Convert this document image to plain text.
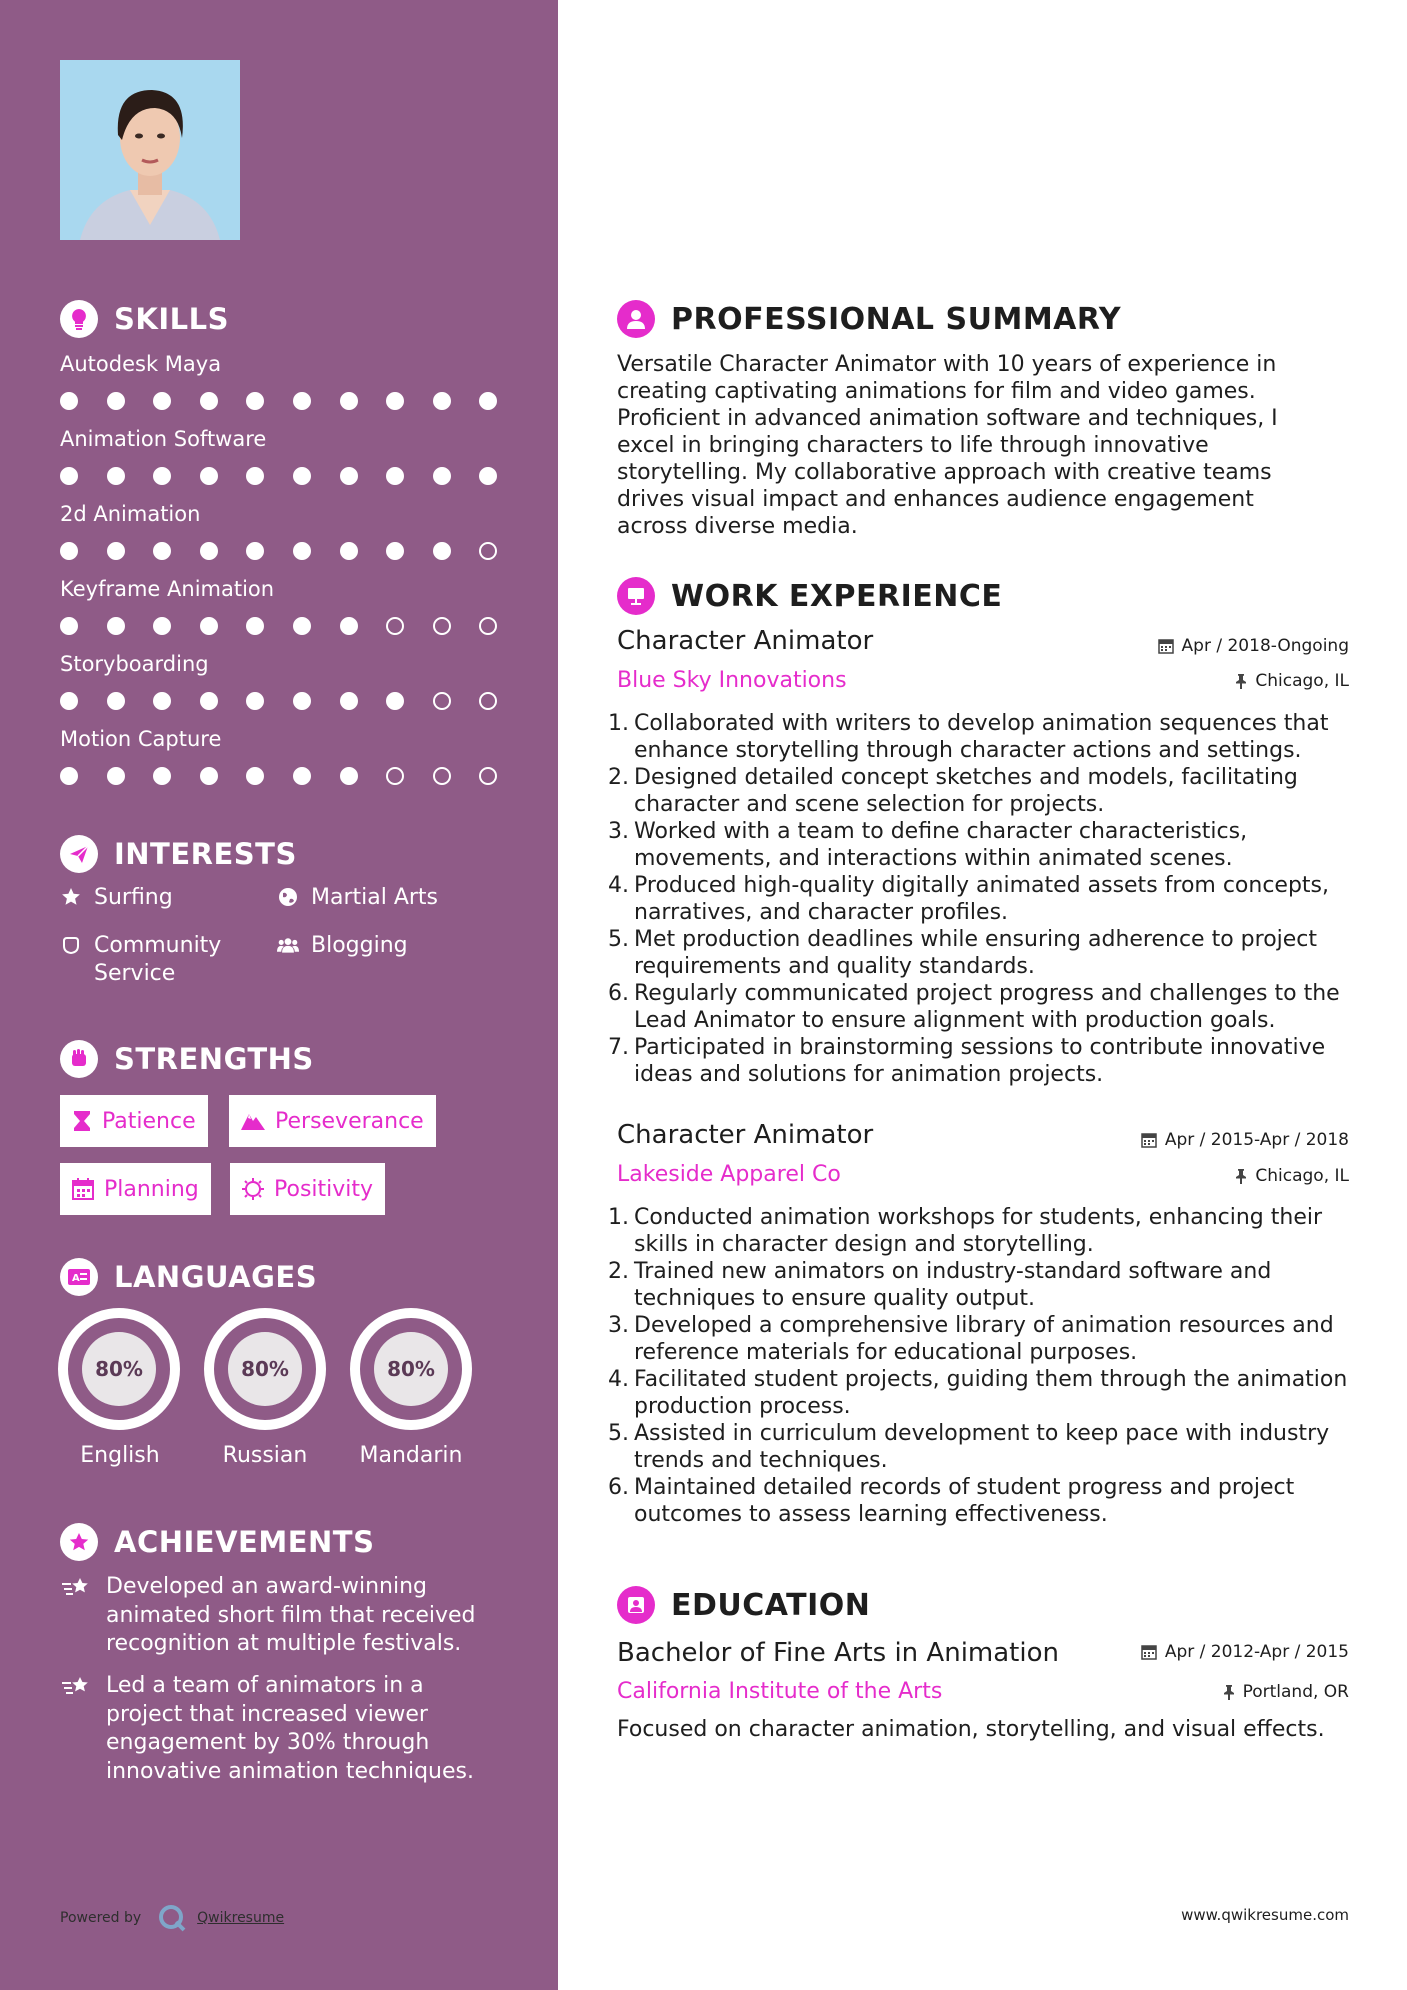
SKILLS
Autodesk Maya
Animation Software
2d Animation
Keyframe Animation
Storyboarding
Motion Capture
INTERESTS
Surfing	Martial Arts
Community Service
Blogging
STRENGTHS
Patience	Perseverance
Planning	Positivity
A LANGUAGES
80%	80%	80%
English	Russian	Mandarin
ACHIEVEMENTS
Developed an award-winning animated short film that received recognition at multiple festivals.
Led a team of animators in a project that increased viewer engagement by 30% through innovative animation techniques.
Powered by	Qwikresume
PROFESSIONAL SUMMARY
Versatile Character Animator with 10 years of experience in creating captivating animations for film and video games. Proficient in advanced animation software and techniques, I excel in bringing characters to life through innovative storytelling. My collaborative approach with creative teams drives visual impact and enhances audience engagement across diverse media.
WORK EXPERIENCE
Character Animator	Apr / 2018-Ongoing
Blue Sky Innovations	Chicago, IL
1. Collaborated with writers to develop animation sequences that enhance storytelling through character actions and settings.
2. Designed detailed concept sketches and models, facilitating character and scene selection for projects.
3. Worked with a team to define character characteristics, movements, and interactions within animated scenes.
4. Produced high-quality digitally animated assets from concepts, narratives, and character profiles.
5. Met production deadlines while ensuring adherence to project requirements and quality standards.
6. Regularly communicated project progress and challenges to the Lead Animator to ensure alignment with production goals.
7. Participated in brainstorming sessions to contribute innovative ideas and solutions for animation projects.
Character Animator	Apr / 2015-Apr / 2018
Lakeside Apparel Co	Chicago, IL
1. Conducted animation workshops for students, enhancing their skills in character design and storytelling.
2. Trained new animators on industry-standard software and techniques to ensure quality output.
3. Developed a comprehensive library of animation resources and reference materials for educational purposes.
4. Facilitated student projects, guiding them through the animation production process.
5. Assisted in curriculum development to keep pace with industry trends and techniques.
6. Maintained detailed records of student progress and project outcomes to assess learning effectiveness.
EDUCATION
Bachelor of Fine Arts in Animation	Apr / 2012-Apr / 2015
California Institute of the Arts	Portland, OR
Focused on character animation, storytelling, and visual effects.
www.qwikresume.com
